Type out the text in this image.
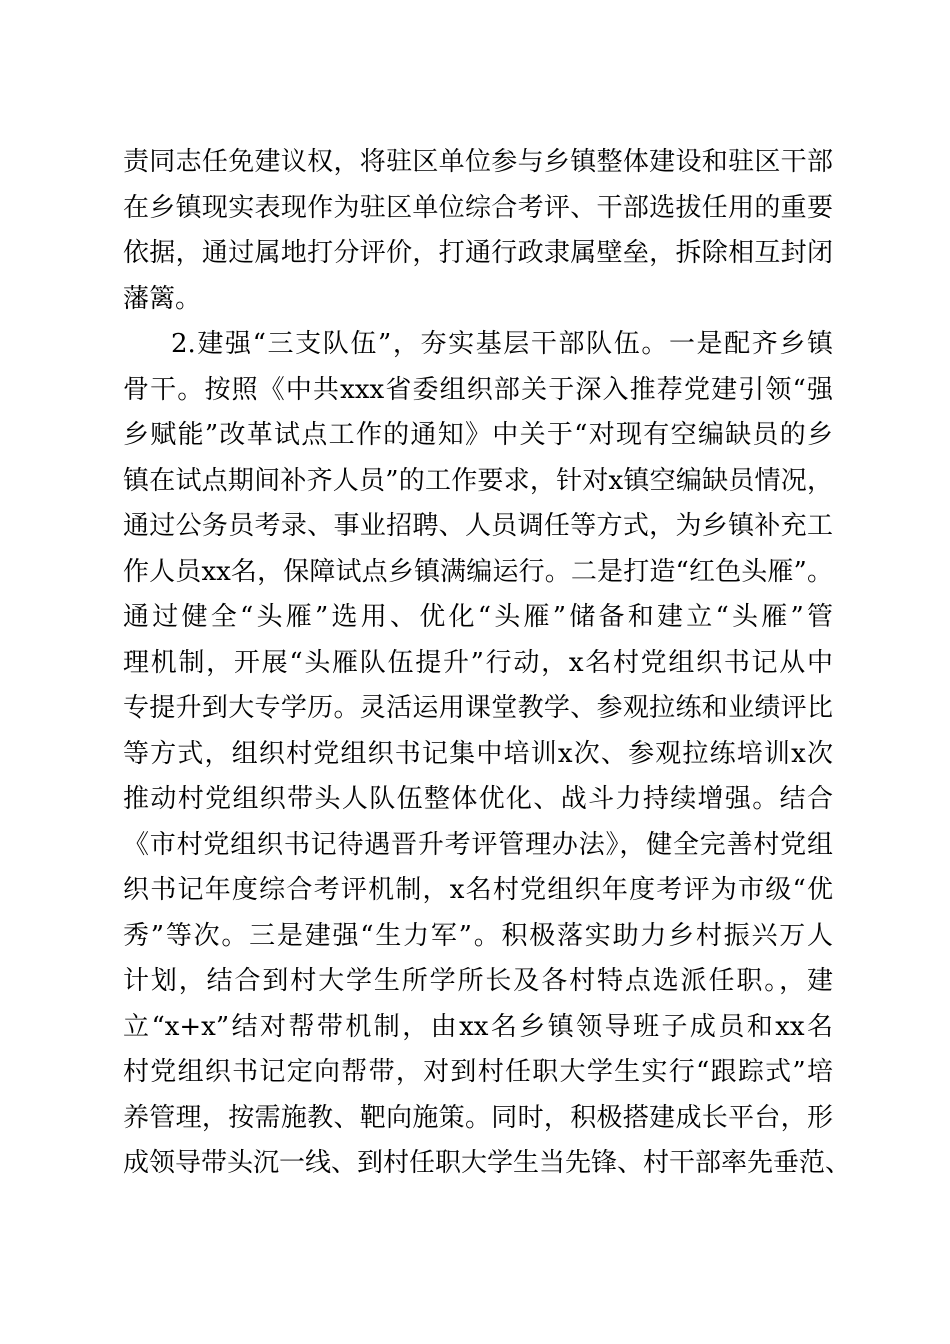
责同志任免建议权，将驻区单位参与乡镇整体建设和驻区干部
在乡镇现实表现作为驻区单位综合考评、干部选拔任用的重要
依据，通过属地打分评价，打通行政隶属壁垒，拆除相互封闭
藩篱。
2.建强“三支队伍”，夯实基层干部队伍。一是配齐乡镇
骨干。按照《中共xxx省委组织部关于深入推荐党建引领“强
乡赋能”改革试点工作的通知》中关于“对现有空编缺员的乡
镇在试点期间补齐人员”的工作要求，针对x镇空编缺员情况，
通过公务员考录、事业招聘、人员调任等方式，为乡镇补充工
作人员xx名，保障试点乡镇满编运行。二是打造“红色头雁”。
通过健全“头雁”选用、优化“头雁”储备和建立“头雁”管
理机制，开展“头雁队伍提升”行动，x名村党组织书记从中
专提升到大专学历。灵活运用课堂教学、参观拉练和业绩评比
等方式，组织村党组织书记集中培训x次、参观拉练培训x次
推动村党组织带头人队伍整体优化、战斗力持续增强。结合
《市村党组织书记待遇晋升考评管理办法》，健全完善村党组
织书记年度综合考评机制，x名村党组织年度考评为市级“优
秀”等次。三是建强“生力军”。积极落实助力乡村振兴万人
计划，结合到村大学生所学所长及各村特点选派任职。，建
立“x+x”结对帮带机制，由xx名乡镇领导班子成员和xx名
村党组织书记定向帮带，对到村任职大学生实行“跟踪式”培
养管理，按需施教、靶向施策。同时，积极搭建成长平台，形
成领导带头沉一线、到村任职大学生当先锋、村干部率先垂范、
